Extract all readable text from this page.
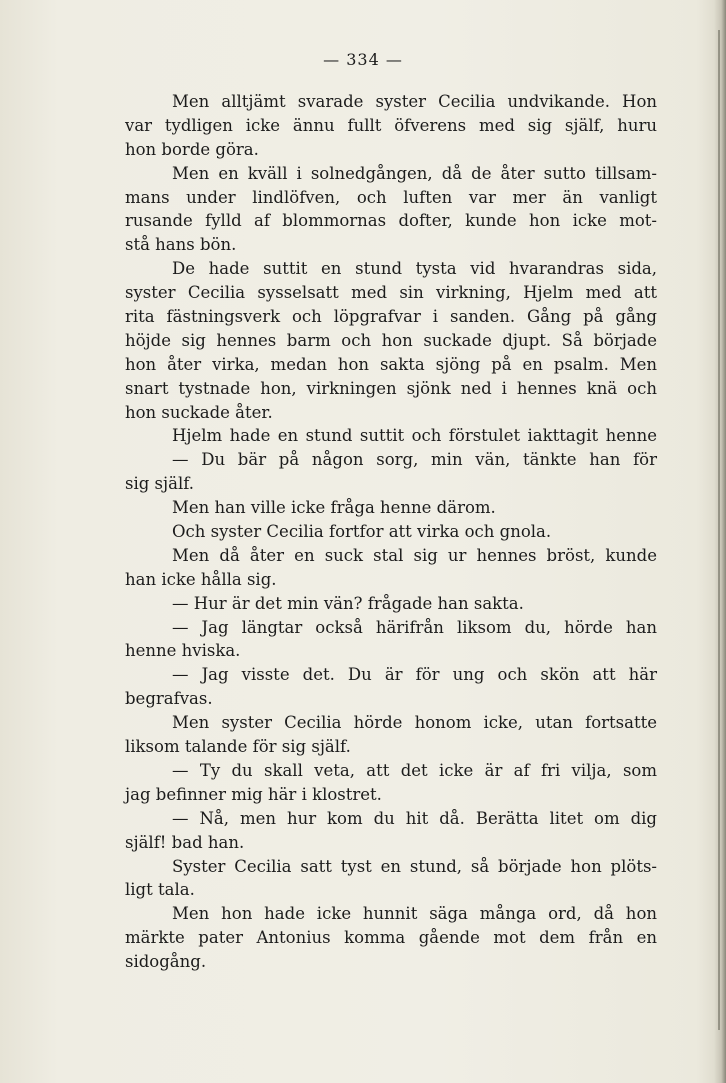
— 334 —
Men alltjämt svarade syster Cecilia undvikande. Hon
var tydligen icke ännu fullt öfverens med sig själf, huru
hon borde göra.
Men en kväll i solnedgången, då de åter sutto tillsam-
mans under lindlöfven, och luften var mer än vanligt
rusande fylld af blommornas dofter, kunde hon icke mot-
stå hans bön.
De hade suttit en stund tysta vid hvarandras sida,
syster Cecilia sysselsatt med sin virkning, Hjelm med att
rita fästningsverk och löpgrafvar i sanden. Gång på gång
höjde sig hennes barm och hon suckade djupt. Så började
hon åter virka, medan hon sakta sjöng på en psalm. Men
snart tystnade hon, virkningen sjönk ned i hennes knä och
hon suckade åter.
Hjelm hade en stund suttit och förstulet iakttagit henne
— Du bär på någon sorg, min vän, tänkte han för
sig själf.
Men han ville icke fråga henne därom.
Och syster Cecilia fortfor att virka och gnola.
Men då åter en suck stal sig ur hennes bröst, kunde
han icke hålla sig.
— Hur är det min vän? frågade han sakta.
— Jag längtar också härifrån liksom du, hörde han
henne hviska.
— Jag visste det. Du är för ung och skön att här
begrafvas.
Men syster Cecilia hörde honom icke, utan fortsatte
liksom talande för sig själf.
— Ty du skall veta, att det icke är af fri vilja, som
jag befinner mig här i klostret.
— Nå, men hur kom du hit då. Berätta litet om dig
själf! bad han.
Syster Cecilia satt tyst en stund, så började hon plöts-
ligt tala.
Men hon hade icke hunnit säga många ord, då hon
märkte pater Antonius komma gående mot dem från en
sidogång.
